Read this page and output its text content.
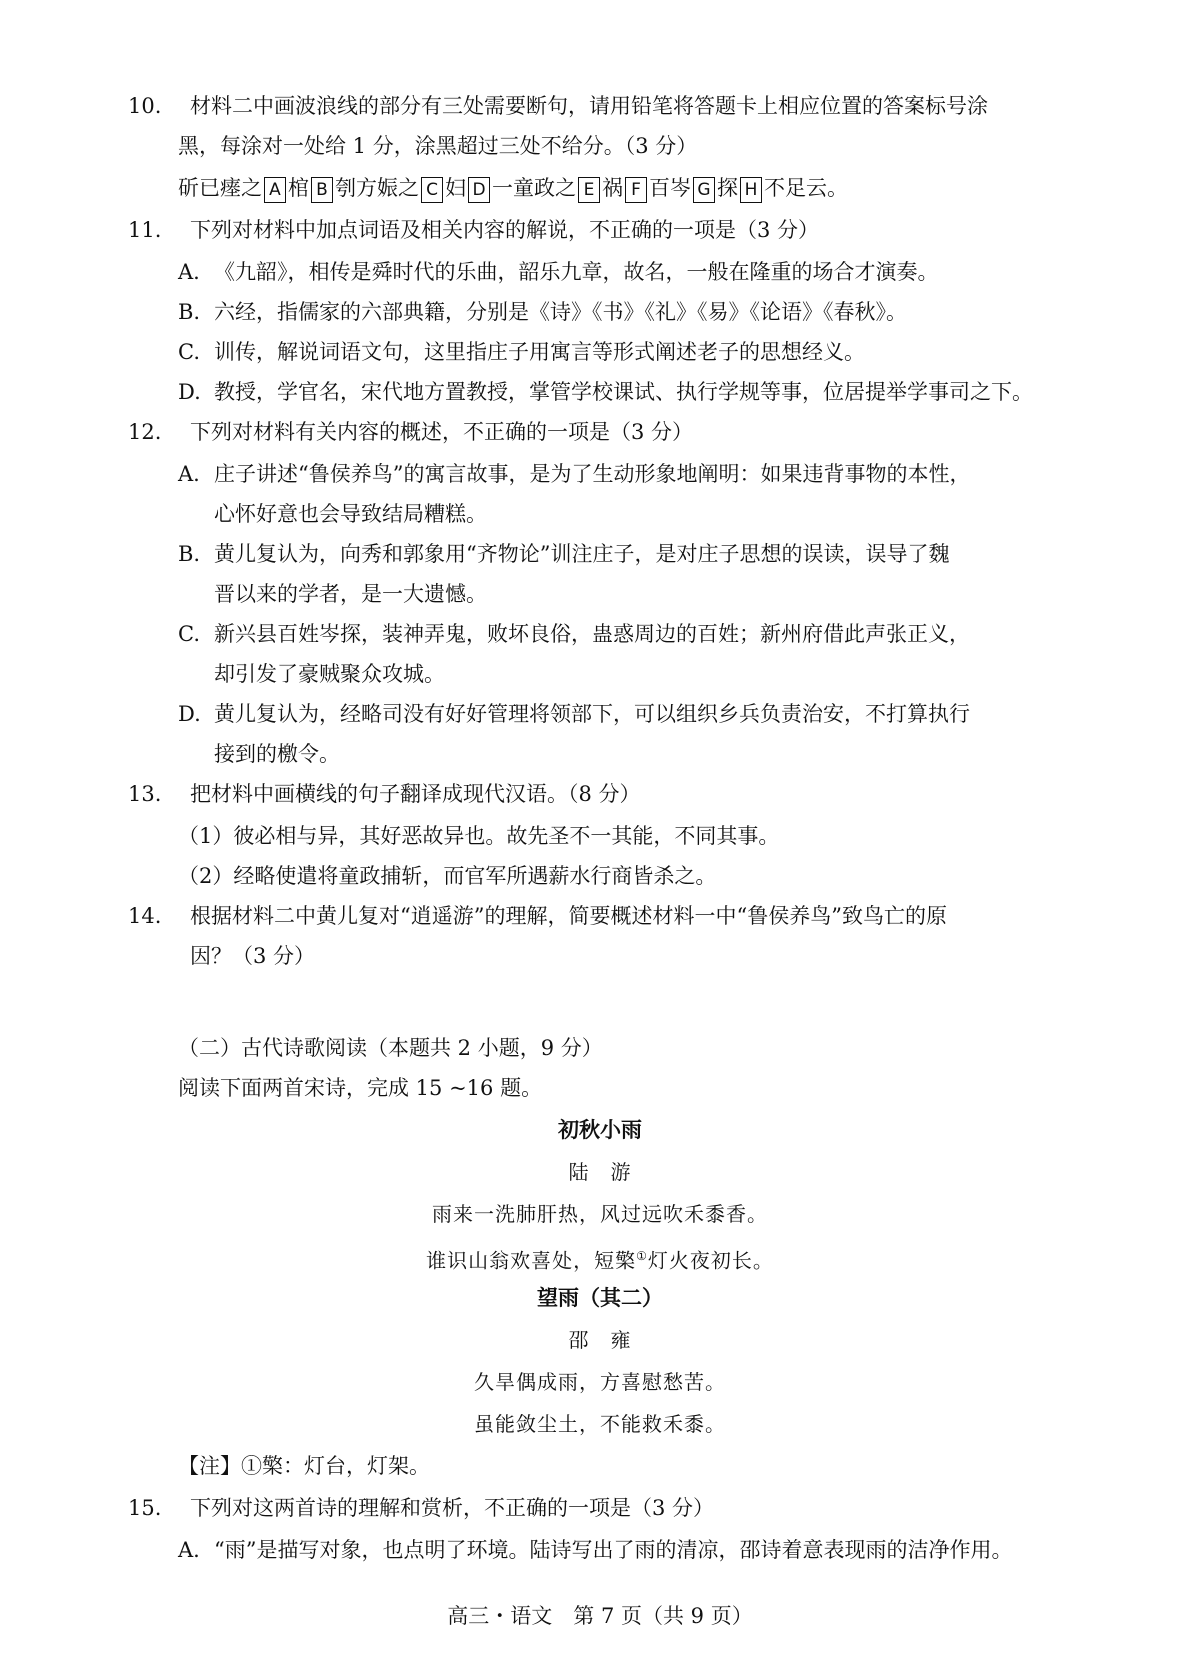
10.	材料二中画波浪线的部分有三处需要断句，请用铅笔将答题卡上相应位置的答案标号涂
黑，每涂对一处给 1 分，涂黑超过三处不给分。（3 分）
斫已瘗之 A 棺 B 刳方娠之 C 妇 D 一童政之 E 祸 F 百岑 G 探 H 不足云。
11.	下列对材料中加点词语及相关内容的解说，不正确的一项是（3 分）
A. 《九韶》，相传是舜时代的乐曲，韶乐九章，故名，一般在隆重的场合才演奏。
B. 六经，指儒家的六部典籍，分别是《诗》《书》《礼》《易》《论语》《春秋》。
C. 训传，解说词语文句，这里指庄子用寓言等形式阐述老子的思想经义。
D. 教授，学官名，宋代地方置教授，掌管学校课试、执行学规等事，位居提举学事司之下。
12.	下列对材料有关内容的概述，不正确的一项是（3 分）
A. 庄子讲述“鲁侯养鸟”的寓言故事，是为了生动形象地阐明：如果违背事物的本性，
心怀好意也会导致结局糟糕。
B. 黄儿复认为，向秀和郭象用“齐物论”训注庄子，是对庄子思想的误读，误导了魏
晋以来的学者，是一大遗憾。
C. 新兴县百姓岑探，装神弄鬼，败坏良俗，蛊惑周边的百姓；新州府借此声张正义，
却引发了豪贼聚众攻城。
D. 黄儿复认为，经略司没有好好管理将领部下，可以组织乡兵负责治安，不打算执行
接到的檄令。
13.	把材料中画横线的句子翻译成现代汉语。（8 分）
（1）彼必相与异，其好恶故异也。故先圣不一其能，不同其事。
（2）经略使遣将童政捕斩，而官军所遇薪水行商皆杀之。
14.	根据材料二中黄儿复对“逍遥游”的理解，简要概述材料一中“鲁侯养鸟”致鸟亡的原
因？（3 分）
（二）古代诗歌阅读（本题共 2 小题，9 分）
阅读下面两首宋诗，完成 15 ~16 题。
初秋小雨
陆　游
雨来一洗肺肝热，风过远吹禾黍香。
谁识山翁欢喜处，短檠①灯火夜初长。
望雨（其二）
邵　雍
久旱偶成雨，方喜慰愁苦。
虽能敛尘土，不能救禾黍。
【注】①檠：灯台，灯架。
15.	下列对这两首诗的理解和赏析，不正确的一项是（3 分）
A. “雨”是描写对象，也点明了环境。陆诗写出了雨的清凉，邵诗着意表现雨的洁净作用。
高三・语文　第 7 页（共 9 页）
